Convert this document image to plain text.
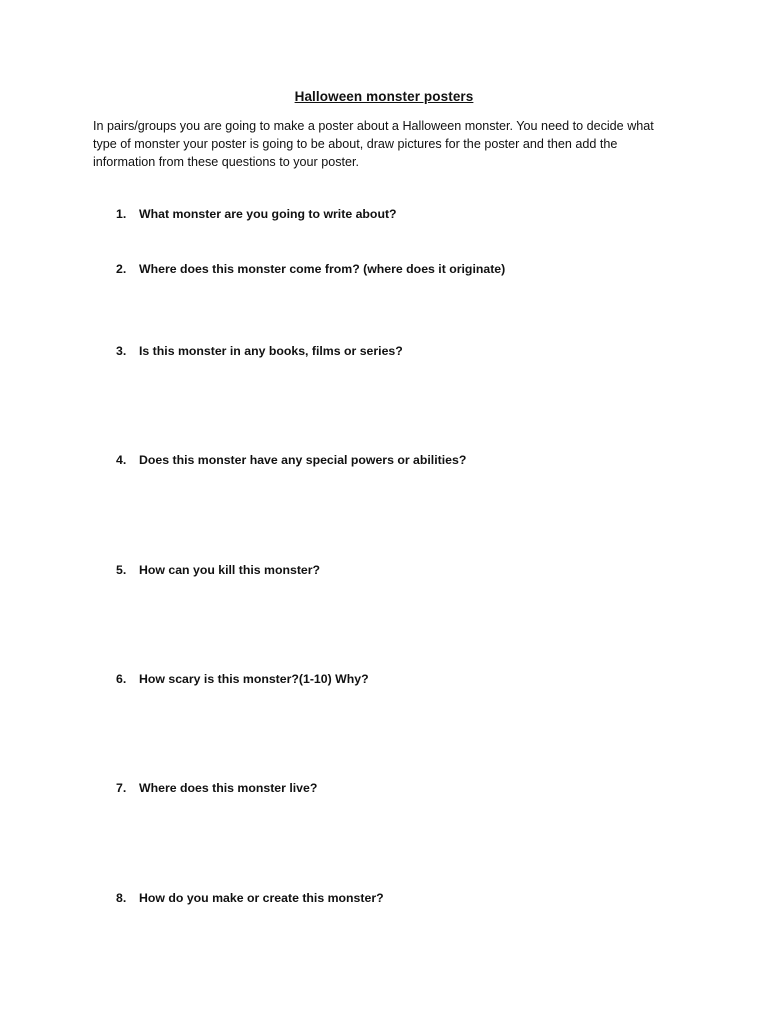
Halloween monster posters
In pairs/groups you are going to make a poster about a Halloween monster. You need to decide what type of monster your poster is going to be about, draw pictures for the poster and then add the information from these questions to your poster.
1. What monster are you going to write about?
2. Where does this monster come from? (where does it originate)
3. Is this monster in any books, films or series?
4. Does this monster have any special powers or abilities?
5. How can you kill this monster?
6. How scary is this monster?(1-10) Why?
7. Where does this monster live?
8. How do you make or create this monster?
